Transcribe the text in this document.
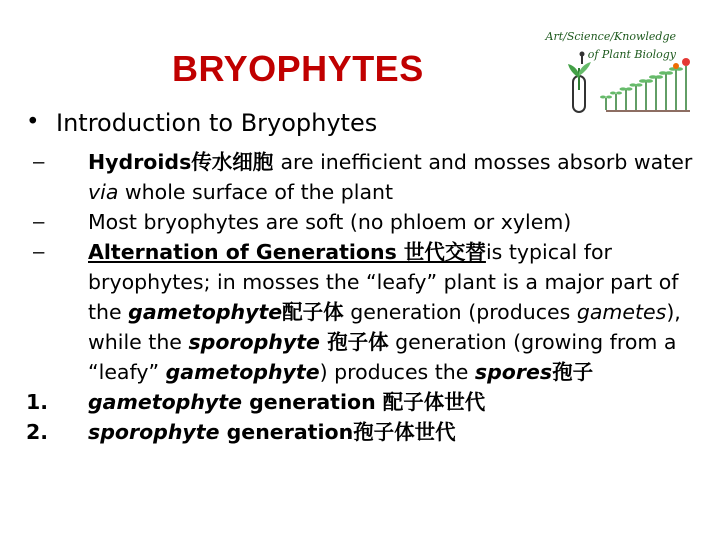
BRYOPHYTES
Art/Science/Knowledge
of Plant Biology
• Introduction to Bryophytes
–	Hydroids传水细胞 are inefficient and mosses absorb water via whole surface of the plant
–	Most bryophytes are soft (no phloem or xylem)
–	Alternation of Generations 世代交替is typical for bryophytes; in mosses the “leafy” plant is a major part of the gametophyte配子体 generation (produces gametes), while the sporophyte 孢子体 generation (growing from a “leafy” gametophyte) produces the spores孢子
1.	gametophyte generation 配子体世代
2.	sporophyte generation孢子体世代
